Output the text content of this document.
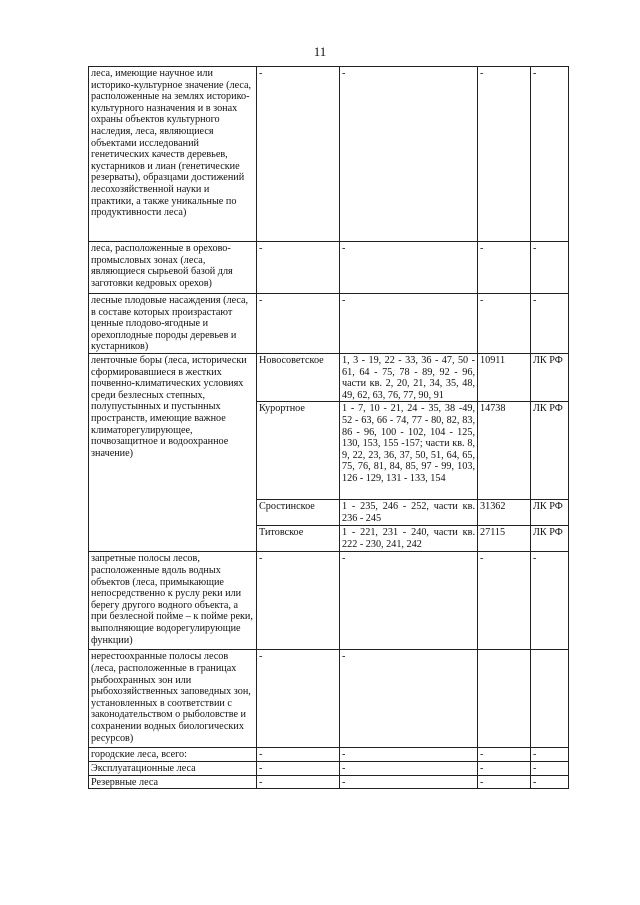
11
леса, имеющие научное или историко-культурное значение (леса, расположенные на землях историко-культурного назначения и в зонах охраны объектов культурного наследия, леса, являющиеся объектами исследований генетических качеств деревьев, кустарников и лиан (генетические резерваты), образцами достижений лесохозяйственной науки и практики, а также уникальные по продуктивности леса)	-	-	-	-
леса, расположенные в орехово-промысловых зонах (леса, являющиеся сырьевой базой для заготовки кедровых орехов)	-	-	-	-
лесные плодовые насаждения (леса, в составе которых произрастают ценные плодово-ягодные и орехоплодные породы деревьев и кустарников)	-	-	-	-
ленточные боры (леса, исторически сформировавшиеся в жестких почвенно-климатических условиях среди безлесных степных, полупустынных и пустынных пространств, имеющие важное климаторегулирующее, почвозащитное и водоохранное значение)	Новосоветское	1, 3 - 19, 22 - 33, 36 - 47, 50 - 61, 64 - 75, 78 - 89, 92 - 96, части кв. 2, 20, 21, 34, 35, 48, 49, 62, 63, 76, 77, 90, 91	10911	ЛК РФ
	Курортное	1 - 7, 10 - 21, 24 - 35, 38 -49, 52 - 63, 66 - 74, 77 - 80, 82, 83, 86 - 96, 100 - 102, 104 - 125, 130, 153, 155 -157; части кв. 8, 9, 22, 23, 36, 37, 50, 51, 64, 65, 75, 76, 81, 84, 85, 97 - 99, 103, 126 - 129, 131 - 133, 154	14738	ЛК РФ
	Сростинское	1 - 235, 246 - 252, части кв. 236 - 245	31362	ЛК РФ
	Титовское	1 - 221, 231 - 240, части кв. 222 - 230, 241, 242	27115	ЛК РФ
запретные полосы лесов, расположенные вдоль водных объектов (леса, примыкающие непосредственно к руслу реки или берегу другого водного объекта, а при безлесной пойме – к пойме реки, выполняющие водорегулирующие функции)	-	-	-	-
нерестоохранные полосы лесов (леса, расположенные в границах рыбоохранных зон или рыбохозяйственных заповедных зон, установленных в соответствии с законодательством о рыболовстве и сохранении водных биологических ресурсов)	-	-		
городские леса, всего:	-	-	-	-
Эксплуатационные леса	-	-	-	-
Резервные леса	-	-	-	-
